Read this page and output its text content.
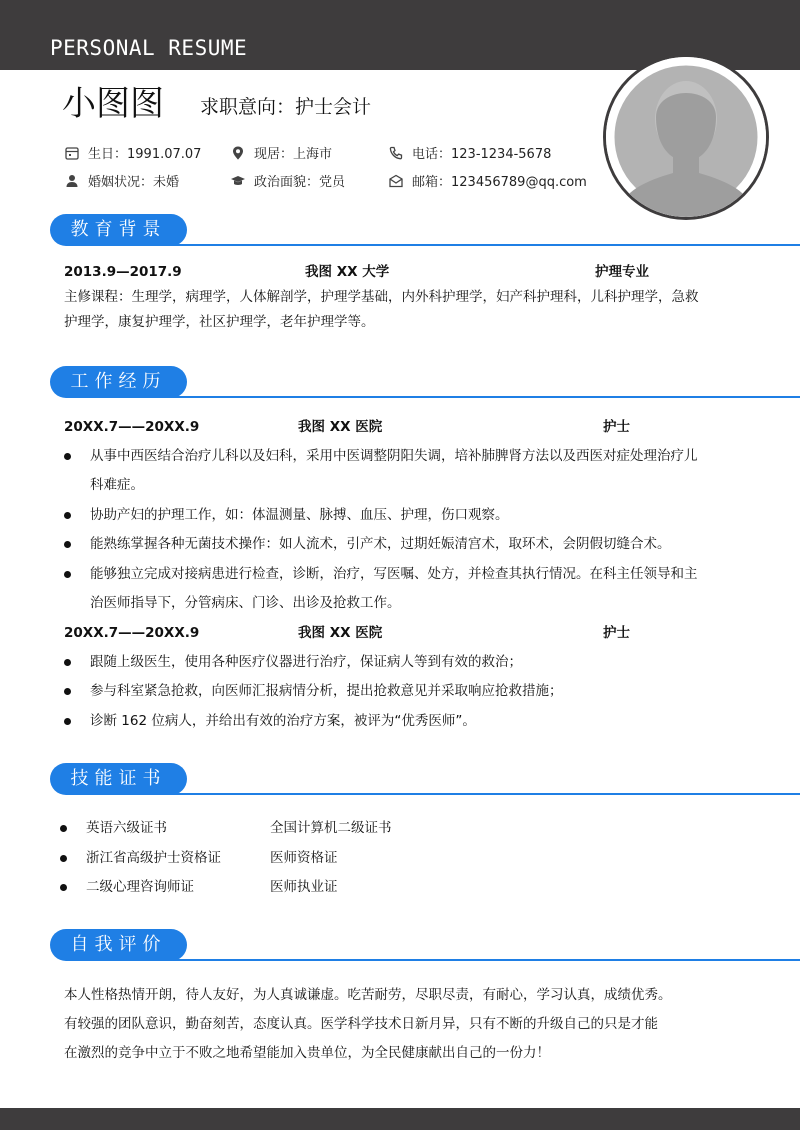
PERSONAL RESUME
小图图 求职意向：护士会计
生日：1991.07.07	现居：上海市	电话：123-1234-5678
婚姻状况：未婚	政治面貌：党员	邮箱：123456789@qq.com
教育背景
2013.9—2017.9	我图 XX 大学	护理专业
主修课程：生理学，病理学，人体解剖学，护理学基础，内外科护理学，妇产科护理科，儿科护理学，急救
护理学，康复护理学，社区护理学，老年护理学等。
工作经历
20XX.7——20XX.9	我图 XX 医院	护士
从事中西医结合治疗儿科以及妇科，采用中医调整阴阳失调，培补肺脾肾方法以及西医对症处理治疗儿
科难症。
协助产妇的护理工作，如：体温测量、脉搏、血压、护理，伤口观察。
能熟练掌握各种无菌技术操作：如人流术，引产术，过期妊娠清宫术，取环术，会阴假切缝合术。
能够独立完成对接病患进行检查，诊断，治疗，写医嘱、处方，并检查其执行情况。在科主任领导和主
治医师指导下，分管病床、门诊、出诊及抢救工作。
20XX.7——20XX.9	我图 XX 医院	护士
跟随上级医生，使用各种医疗仪器进行治疗，保证病人等到有效的救治；
参与科室紧急抢救，向医师汇报病情分析，提出抢救意见并采取响应抢救措施；
诊断 162 位病人，并给出有效的治疗方案，被评为“优秀医师”。
技能证书
英语六级证书	全国计算机二级证书
浙江省高级护士资格证	医师资格证
二级心理咨询师证	医师执业证
自我评价
本人性格热情开朗，待人友好，为人真诚谦虚。吃苦耐劳，尽职尽责，有耐心，学习认真，成绩优秀。
有较强的团队意识，勤奋刻苦，态度认真。医学科学技术日新月异，只有不断的升级自己的只是才能
在激烈的竞争中立于不败之地希望能加入贵单位，为全民健康献出自己的一份力！
